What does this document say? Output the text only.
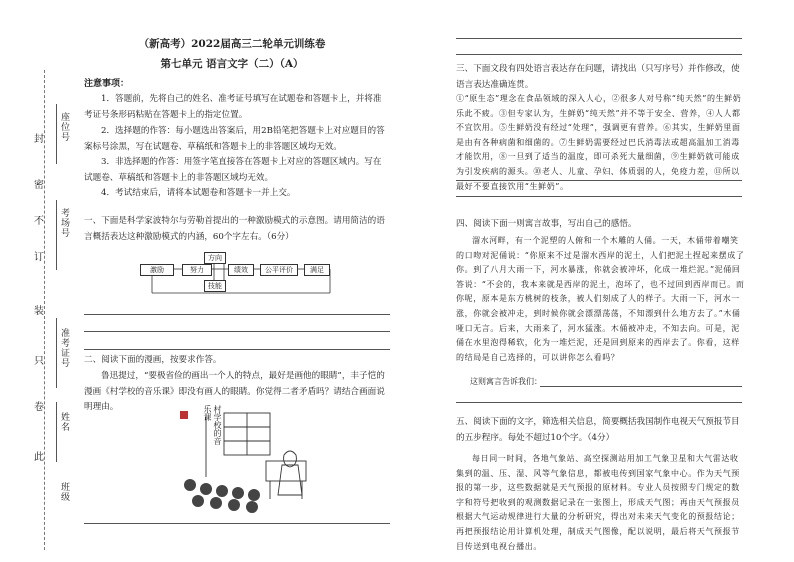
座位号
考场号
准考证号
姓名
班级
此
卷
只
装
订
不
密
封
（新高考）2022届高三二轮单元训练卷
第七单元 语言文字（二）（A）
注意事项：
1．答题前，先将自己的姓名、准考证号填写在试题卷和答题卡上，并将准考证号条形码粘贴在答题卡上的指定位置。
2．选择题的作答：每小题选出答案后，用2B铅笔把答题卡上对应题目的答案标号涂黑，写在试题卷、草稿纸和答题卡上的非答题区域均无效。
3．非选择题的作答：用签字笔直接答在答题卡上对应的答题区域内。写在试题卷、草稿纸和答题卡上的非答题区域均无效。
4．考试结束后，请将本试题卷和答题卡一并上交。
一、下面是科学家波特尔与劳勒首提出的一种激励模式的示意图。请用简洁的语言概括表达这种激励模式的内涵，60个字左右。（6分）
激励	努力
方向
技能
绩效	公平评价	满足
二、阅读下面的漫画，按要求作答。
鲁迅提过，“要极省俭的画出一个人的特点，最好是画他的眼睛”，丰子恺的漫画《村学校的音乐课》即没有画人的眼睛。你觉得二者矛盾吗？请结合画面说明理由。	村学校的音乐课
三、下面文段有四处语言表达存在问题，请找出（只写序号）并作修改，使语言表达准确连贯。
①“原生态”理念在食品领域的深入人心，②很多人对号称“纯天然”的生鲜奶乐此不疲。③但专家认为，生鲜奶“纯天然”并不等于安全、营养，④人人都不宜饮用。⑤生鲜奶没有经过“处理”，强调更有营养。⑥其实，生鲜奶里面是由有各种病菌和细菌的。⑦生鲜奶需要经过巴氏消毒法或超高温加工消毒才能饮用，⑧一旦到了适当的温度，即可杀死大量细菌，⑨生鲜奶就可能成为引发疾病的源头。⑩老人、儿童、孕妇、体质弱的人，免疫力差，⑪所以最好不要直接饮用“生鲜奶”。
四、阅读下面一则寓言故事，写出自己的感悟。
溜水河畔，有一个泥塑的人俯和一个木雕的人俑。一天，木俑带着嘲笑的口吻对泥俑说：“你原来不过是溜水西岸的泥土，人们把泥土捏起来摆成了你。到了八月大雨一下，河水暴涨，你就会被冲坏，化成一堆烂泥。”泥俑回答说：“不会的，我本来就是西岸的泥土，泡坏了，也不过回到西岸而已。而你呢，原本是东方桃树的枝条，被人们刻成了人的样子。大雨一下，河水一涨，你就会被冲走，到时候你就会漂漂荡荡，不知漂到什么地方去了。”木俑哑口无言。后来，大雨来了，河水猛涨。木俑被冲走，不知去向。可是，泥俑在水里泡得稀软，化为一堆烂泥，还是回到原来的西岸去了。你看，这样的结局是自己选择的，可以讲你怎么看吗？
这则寓言告诉我们：
五、阅读下面的文字，筛选相关信息，简要概括我国制作电视天气预报节目的五步程序。每处不超过10个字。（4分）
每日同一时间，各地气象站、高空探测站用加工气象卫星和大气雷达收集到的温、压、湿、风等气象信息，都被电传到国家气象中心。作为天气预报的第一步，这些数据就是天气预报的原材料。专业人员按照专门规定的数字和符号把收到的观测数据记录在一张图上，形成天气图；再由天气预报员根据大气运动规律进行大量的分析研究，得出对未来天气变化的预报结论；再把预报结论用计算机处理，制成天气图像，配以说明，最后将天气预报节目传送到电视台播出。
